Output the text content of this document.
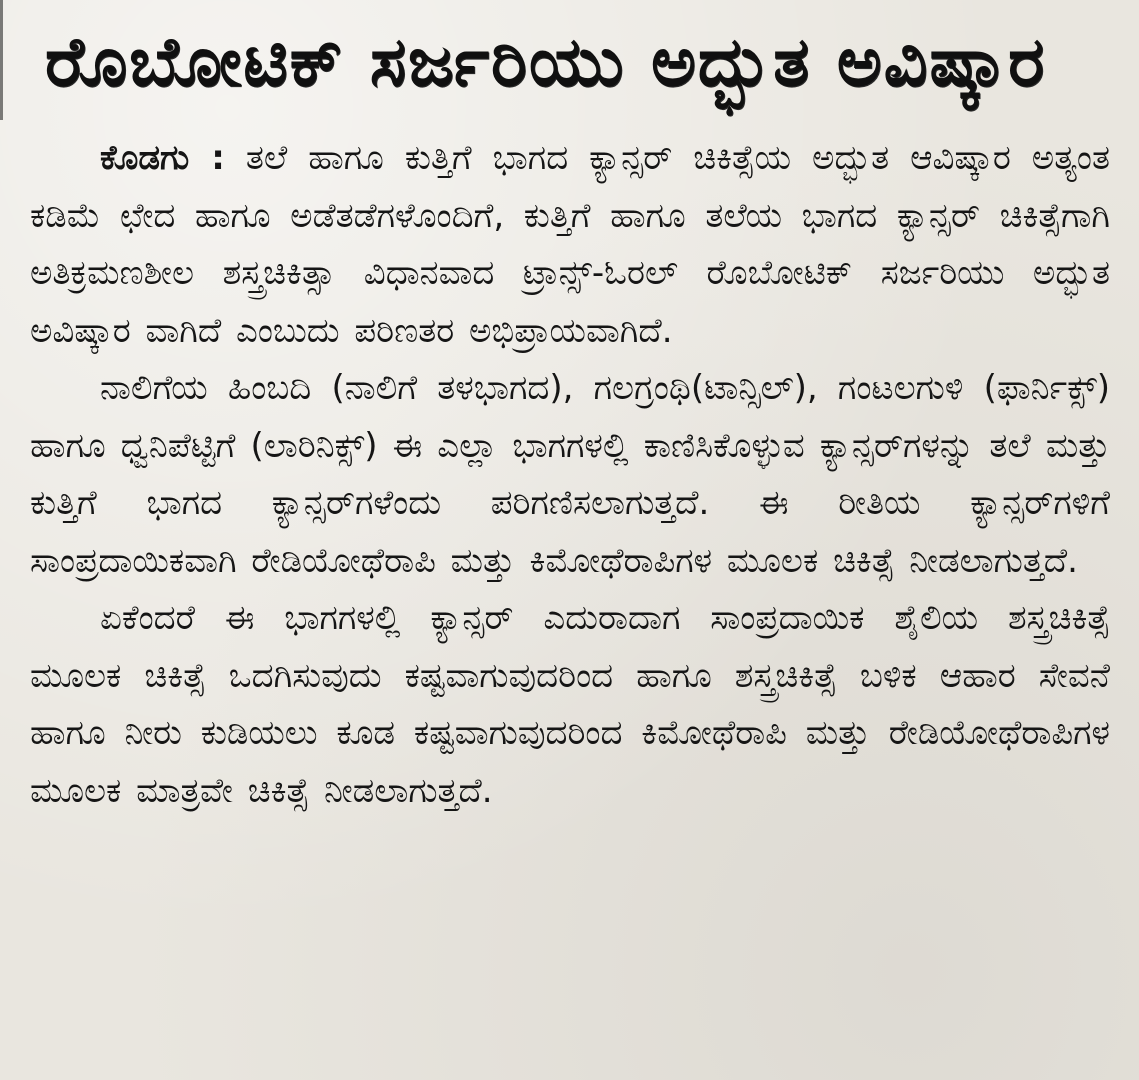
ರೊಬೋಟಿಕ್ ಸರ್ಜರಿಯು ಅದ್ಭುತ ಅವಿಷ್ಕಾರ

ಕೊಡಗು : ತಲೆ ಹಾಗೂ ಕುತ್ತಿಗೆ ಭಾಗದ ಕ್ಯಾನ್ಸರ್ ಚಿಕಿತ್ಸೆಯ ಅದ್ಭುತ ಆವಿಷ್ಕಾರ ಅತ್ಯಂತ ಕಡಿಮೆ ಛೇದ ಹಾಗೂ ಅಡೆತಡೆಗಳೊಂದಿಗೆ, ಕುತ್ತಿಗೆ ಹಾಗೂ ತಲೆಯ ಭಾಗದ ಕ್ಯಾನ್ಸರ್ ಚಿಕಿತ್ಸೆಗಾಗಿ ಅತಿಕ್ರಮಣಶೀಲ ಶಸ್ತ್ರಚಿಕಿತ್ಸಾ ವಿಧಾನವಾದ ಟ್ರಾನ್ಸ್-ಓರಲ್ ರೊಬೋಟಿಕ್ ಸರ್ಜರಿಯು ಅದ್ಭುತ ಅವಿಷ್ಕಾರ ವಾಗಿದೆ ಎಂಬುದು ಪರಿಣತರ ಅಭಿಪ್ರಾಯವಾಗಿದೆ.

ನಾಲಿಗೆಯ ಹಿಂಬದಿ (ನಾಲಿಗೆ ತಳಭಾಗದ), ಗಲಗ್ರಂಥಿ(ಟಾನ್ಸಿಲ್), ಗಂಟಲಗುಳಿ (ಫಾರ್ನಿಕ್ಸ್) ಹಾಗೂ ಧ್ವನಿಪೆಟ್ಟಿಗೆ (ಲಾರಿನಿಕ್ಸ್) ಈ ಎಲ್ಲಾ ಭಾಗಗಳಲ್ಲಿ ಕಾಣಿಸಿಕೊಳ್ಳುವ ಕ್ಯಾನ್ಸರ್‌ಗಳನ್ನು ತಲೆ ಮತ್ತು ಕುತ್ತಿಗೆ ಭಾಗದ ಕ್ಯಾನ್ಸರ್‌ಗಳೆಂದು ಪರಿಗಣಿಸಲಾಗುತ್ತದೆ. ಈ ರೀತಿಯ ಕ್ಯಾನ್ಸರ್‌ಗಳಿಗೆ ಸಾಂಪ್ರದಾಯಿಕವಾಗಿ ರೇಡಿಯೋಥೆರಾಪಿ ಮತ್ತು ಕಿಮೋಥೆರಾಪಿಗಳ ಮೂಲಕ ಚಿಕಿತ್ಸೆ ನೀಡಲಾಗುತ್ತದೆ.

ಏಕೆಂದರೆ ಈ ಭಾಗಗಳಲ್ಲಿ ಕ್ಯಾನ್ಸರ್ ಎದುರಾದಾಗ ಸಾಂಪ್ರದಾಯಿಕ ಶೈಲಿಯ ಶಸ್ತ್ರಚಿಕಿತ್ಸೆ ಮೂಲಕ ಚಿಕಿತ್ಸೆ ಒದಗಿಸುವುದು ಕಷ್ಟವಾಗುವುದರಿಂದ ಹಾಗೂ ಶಸ್ತ್ರಚಿಕಿತ್ಸೆ ಬಳಿಕ ಆಹಾರ ಸೇವನೆ ಹಾಗೂ ನೀರು ಕುಡಿಯಲು ಕೂಡ ಕಷ್ಟವಾಗುವುದರಿಂದ ಕಿಮೋಥೆರಾಪಿ ಮತ್ತು ರೇಡಿಯೋಥೆರಾಪಿಗಳ ಮೂಲಕ ಮಾತ್ರವೇ ಚಿಕಿತ್ಸೆ ನೀಡಲಾಗುತ್ತದೆ.
